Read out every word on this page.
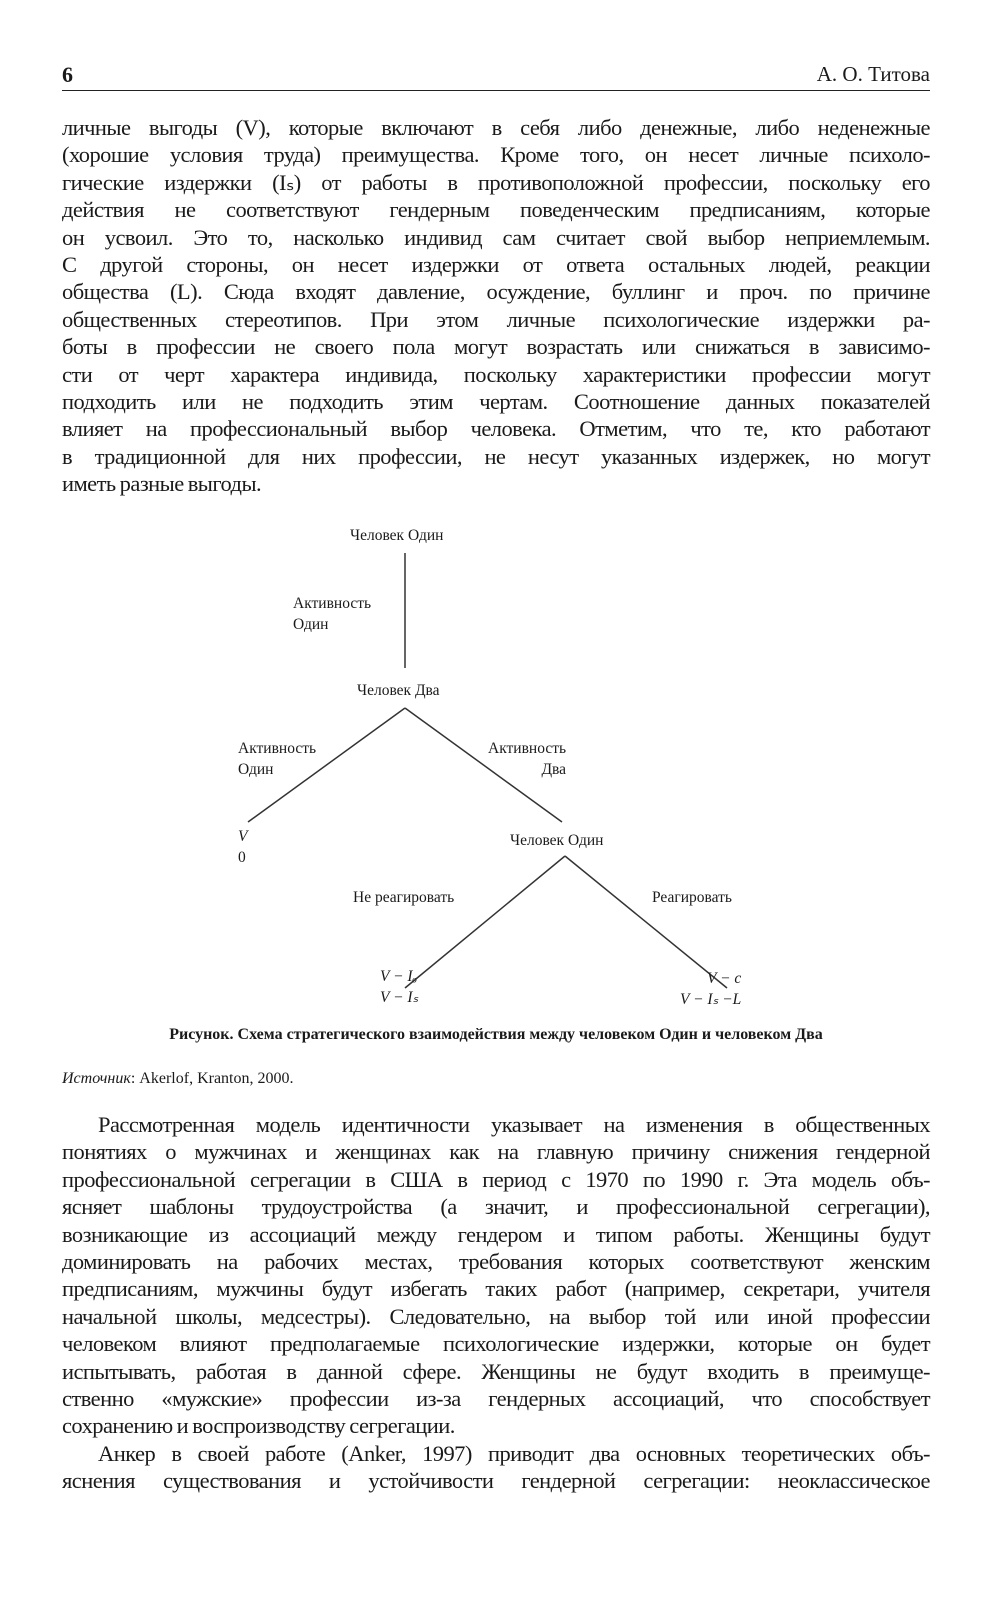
6	А. О. Титова
личные выгоды (V), которые включают в себя либо денежные, либо неденежные
(хорошие условия труда) преимущества. Кроме того, он несет личные психоло-
гические издержки (Iₛ) от работы в противоположной профессии, поскольку его
действия не соответствуют гендерным поведенческим предписаниям, которые
он усвоил. Это то, насколько индивид сам считает свой выбор неприемлемым.
С другой стороны, он несет издержки от ответа остальных людей, реакции
общества (L). Сюда входят давление, осуждение, буллинг и проч. по причине
общественных стереотипов. При этом личные психологические издержки ра-
боты в профессии не своего пола могут возрастать или снижаться в зависимо-
сти от черт характера индивида, поскольку характеристики профессии могут
подходить или не подходить этим чертам. Соотношение данных показателей
влияет на профессиональный выбор человека. Отметим, что те, кто работают
в традиционной для них профессии, не несут указанных издержек, но могут
иметь разные выгоды.
Человек Один
Активность
Один
Человек Два
Активность
Один
Активность
Два
V
0
Человек Один
Не реагировать	Реагировать
V − Iₒ
V − Iₛ
V − c
V − Iₛ −L
Рисунок. Схема стратегического взаимодействия между человеком Один и человеком Два
Источник: Akerlof, Kranton, 2000.
Рассмотренная модель идентичности указывает на изменения в общественных
понятиях о мужчинах и женщинах как на главную причину снижения гендерной
профессиональной сегрегации в США в период с 1970 по 1990 г. Эта модель объ-
ясняет шаблоны трудоустройства (а значит, и профессиональной сегрегации),
возникающие из ассоциаций между гендером и типом работы. Женщины будут
доминировать на рабочих местах, требования которых соответствуют женским
предписаниям, мужчины будут избегать таких работ (например, секретари, учителя
начальной школы, медсестры). Следовательно, на выбор той или иной профессии
человеком влияют предполагаемые психологические издержки, которые он будет
испытывать, работая в данной сфере. Женщины не будут входить в преимуще-
ственно «мужские» профессии из-за гендерных ассоциаций, что способствует
сохранению и воспроизводству сегрегации.
Анкер в своей работе (Anker, 1997) приводит два основных теоретических объ-
яснения существования и устойчивости гендерной сегрегации: неоклассическое
